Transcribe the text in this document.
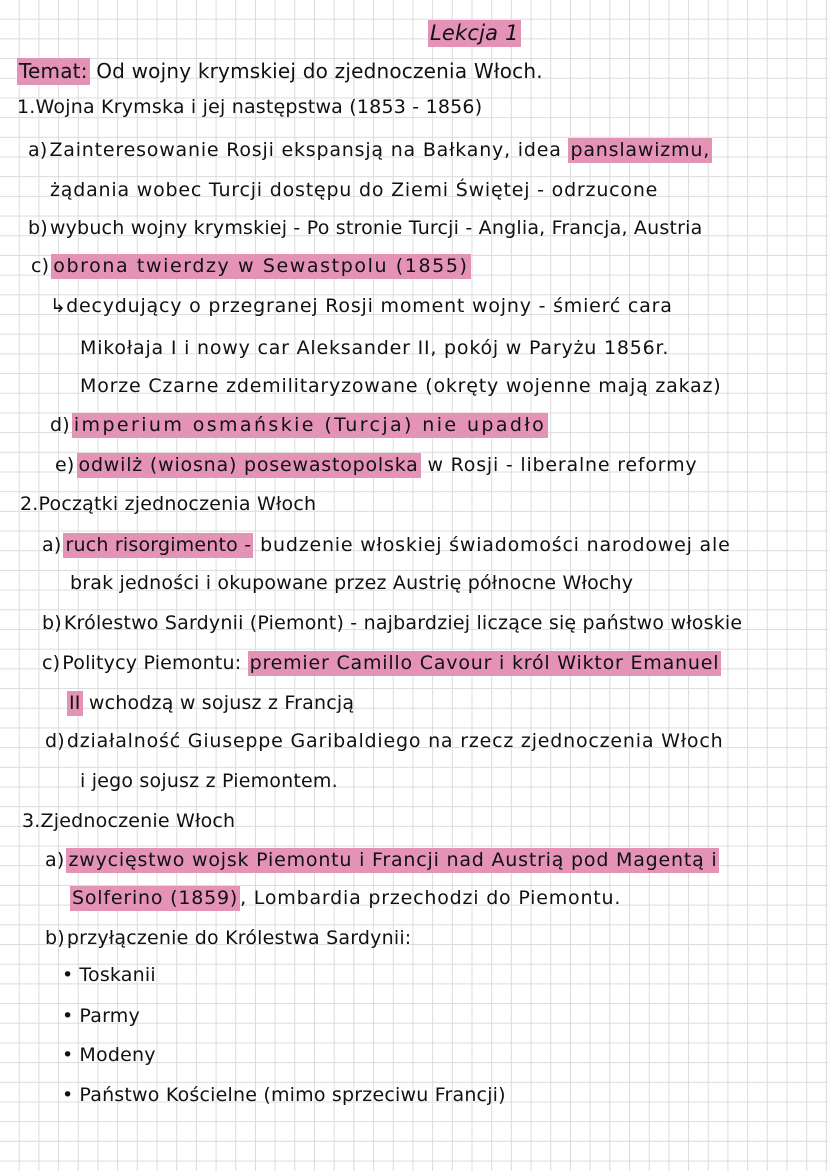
Lekcja 1
Temat: Od wojny krymskiej do zjednoczenia Włoch.
1.Wojna Krymska i jej następstwa (1853 - 1856)
a) Zainteresowanie Rosji ekspansją na Bałkany, idea panslawizmu,
żądania wobec Turcji dostępu do Ziemi Świętej - odrzucone
b) wybuch wojny krymskiej - Po stronie Turcji - Anglia, Francja, Austria
c) obrona twierdzy w Sewastpolu (1855)
↳decydujący o przegranej Rosji moment wojny - śmierć cara
Mikołaja I i nowy car Aleksander II, pokój w Paryżu 1856r.
Morze Czarne zdemilitaryzowane (okręty wojenne mają zakaz)
d) imperium osmańskie (Turcja) nie upadło
e) odwilż (wiosna) posewastopolska w Rosji - liberalne reformy
2.Początki zjednoczenia Włoch
a) ruch risorgimento - budzenie włoskiej świadomości narodowej ale
brak jedności i okupowane przez Austrię północne Włochy
b) Królestwo Sardynii (Piemont) - najbardziej liczące się państwo włoskie
c) Politycy Piemontu: premier Camillo Cavour i król Wiktor Emanuel
II wchodzą w sojusz z Francją
d) działalność Giuseppe Garibaldiego na rzecz zjednoczenia Włoch
i jego sojusz z Piemontem.
3.Zjednoczenie Włoch
a) zwycięstwo wojsk Piemontu i Francji nad Austrią pod Magentą i
Solferino (1859) , Lombardia przechodzi do Piemontu.
b) przyłączenie do Królestwa Sardynii:
• Toskanii
• Parmy
• Modeny
• Państwo Kościelne (mimo sprzeciwu Francji)
